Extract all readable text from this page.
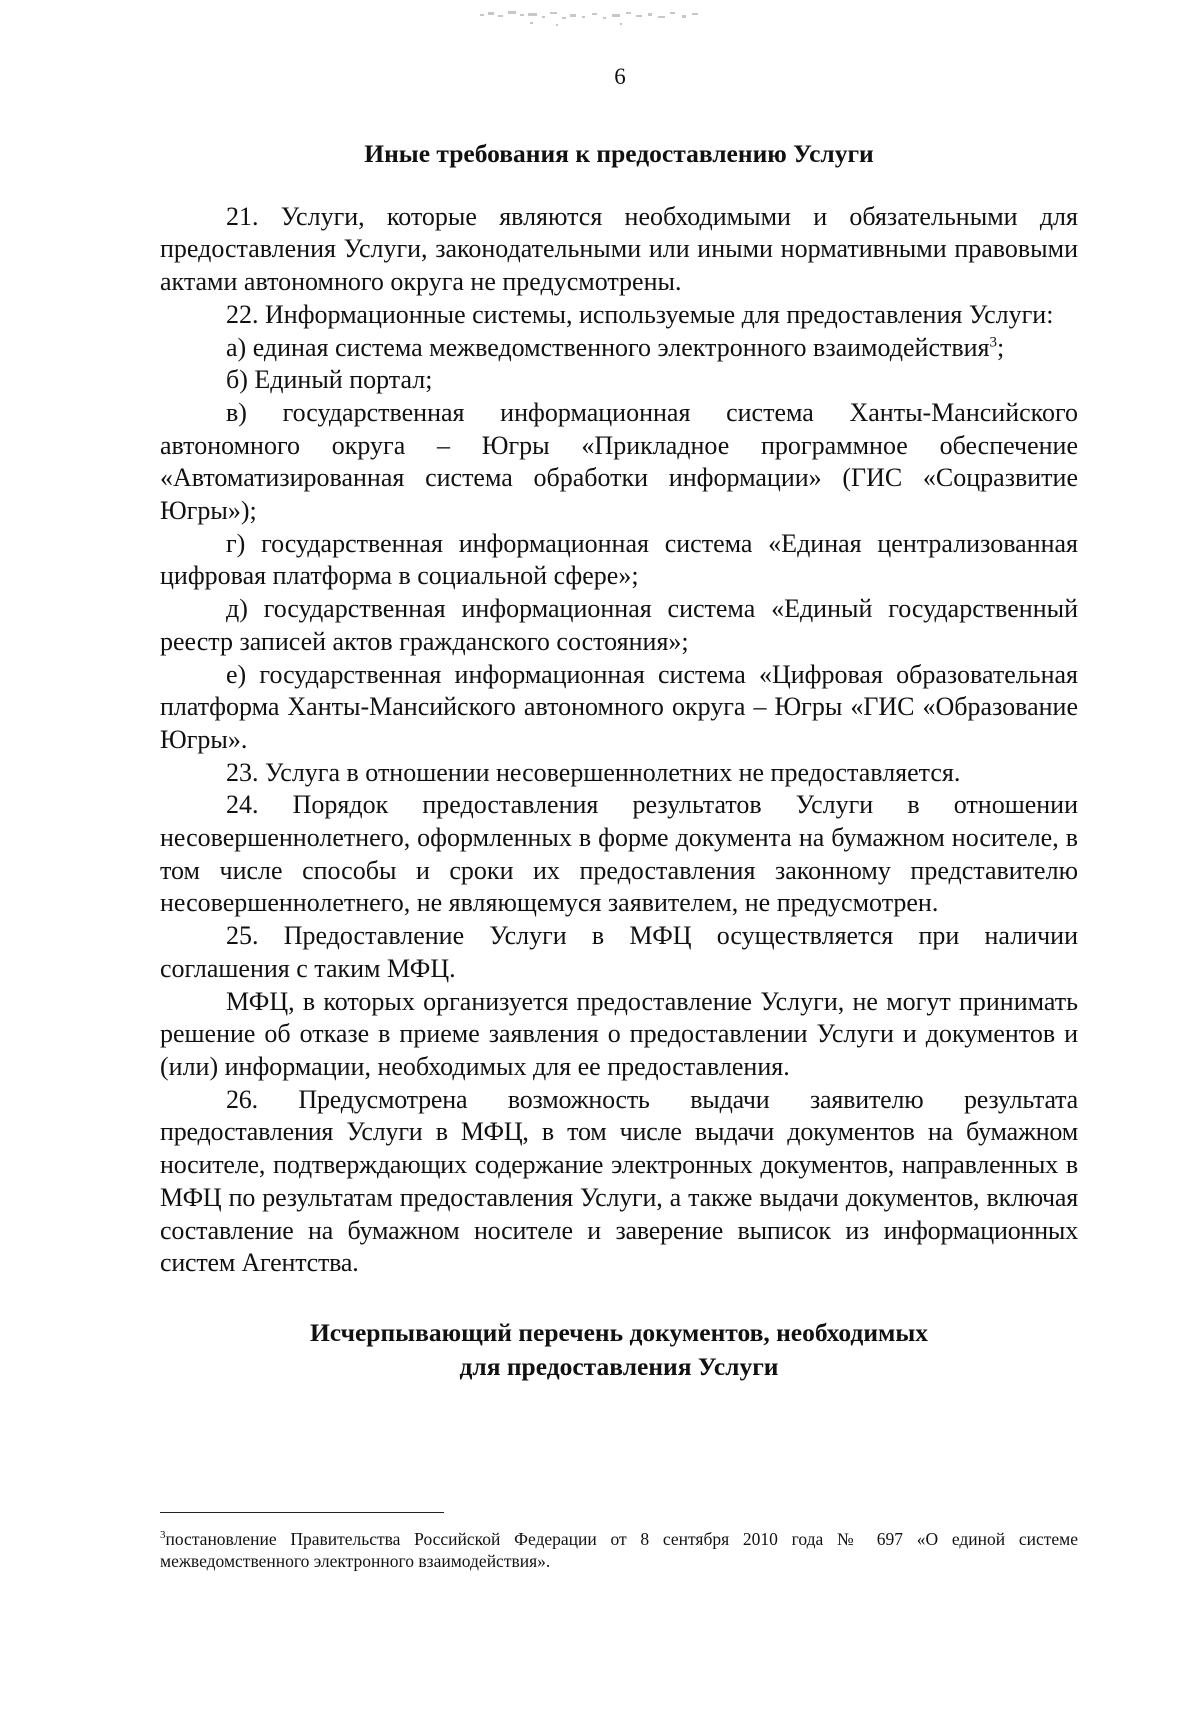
6
Иные требования к предоставлению Услуги

21. Услуги, которые являются необходимыми и обязательными для предоставления Услуги, законодательными или иными нормативными правовыми актами автономного округа не предусмотрены.

22. Информационные системы, используемые для предоставления Услуги:

а) единая система межведомственного электронного взаимодействия$^3$;

б) Единый портал;

в) государственная информационная система Ханты-Мансийского автономного округа – Югры «Прикладное программное обеспечение «Автоматизированная система обработки информации» (ГИС «Соцразвитие Югры»);

г) государственная информационная система «Единая централизованная цифровая платформа в социальной сфере»;

д) государственная информационная система «Единый государственный реестр записей актов гражданского состояния»;

е) государственная информационная система «Цифровая образовательная платформа Ханты-Мансийского автономного округа – Югры «ГИС «Образование Югры».

23. Услуга в отношении несовершеннолетних не предоставляется.

24. Порядок предоставления результатов Услуги в отношении несовершеннолетнего, оформленных в форме документа на бумажном носителе, в том числе способы и сроки их предоставления законному представителю несовершеннолетнего, не являющемуся заявителем, не предусмотрен.

25. Предоставление Услуги в МФЦ осуществляется при наличии соглашения с таким МФЦ.

МФЦ, в которых организуется предоставление Услуги, не могут принимать решение об отказе в приеме заявления о предоставлении Услуги и документов и (или) информации, необходимых для ее предоставления.

26. Предусмотрена возможность выдачи заявителю результата предоставления Услуги в МФЦ, в том числе выдачи документов на бумажном носителе, подтверждающих содержание электронных документов, направленных в МФЦ по результатам предоставления Услуги, а также выдачи документов, включая составление на бумажном носителе и заверение выписок из информационных систем Агентства.

Исчерпывающий перечень документов, необходимых
для предоставления Услуги
$^3$постановление Правительства Российской Федерации от 8 сентября 2010 года № 697 «О единой системе межведомственного электронного взаимодействия».
